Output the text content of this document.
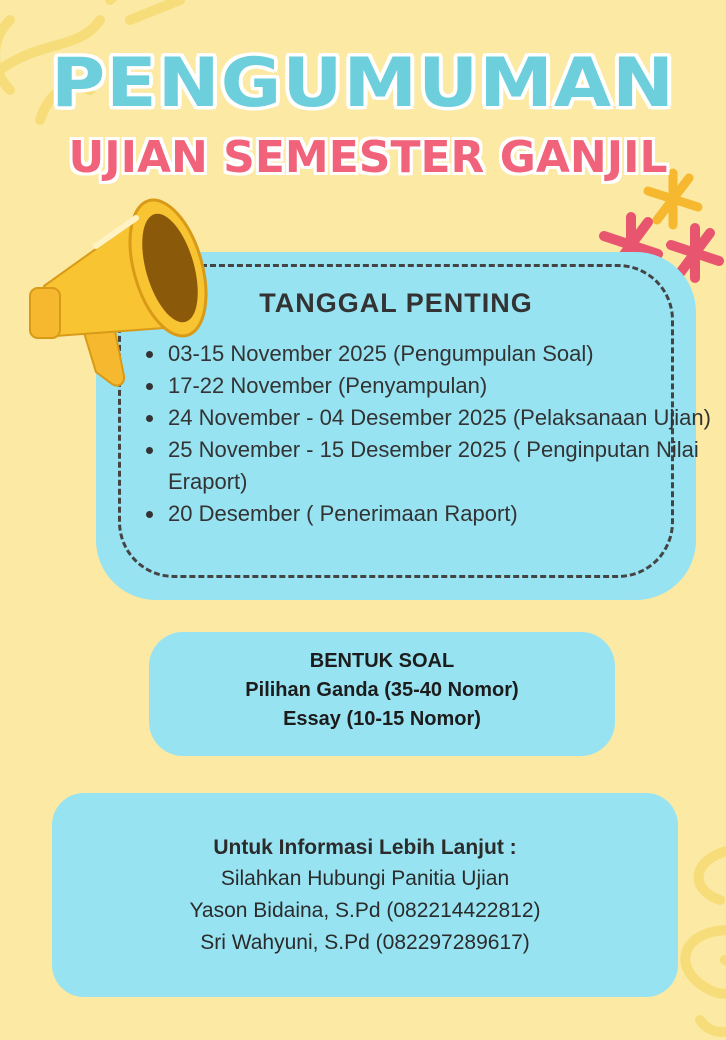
PENGUMUMAN
UJIAN SEMESTER GANJIL
TANGGAL PENTING
• 03-15 November 2025 (Pengumpulan Soal)
• 17-22 November (Penyampulan)
• 24 November - 04 Desember 2025 (Pelaksanaan Ujian)
• 25 November - 15 Desember 2025 ( Penginputan Nilai Eraport)
• 20 Desember ( Penerimaan Raport)
BENTUK SOAL
Pilihan Ganda (35-40 Nomor)
Essay (10-15 Nomor)
Untuk Informasi Lebih Lanjut :
Silahkan Hubungi Panitia Ujian
Yason Bidaina, S.Pd (082214422812)
Sri Wahyuni, S.Pd (082297289617)
